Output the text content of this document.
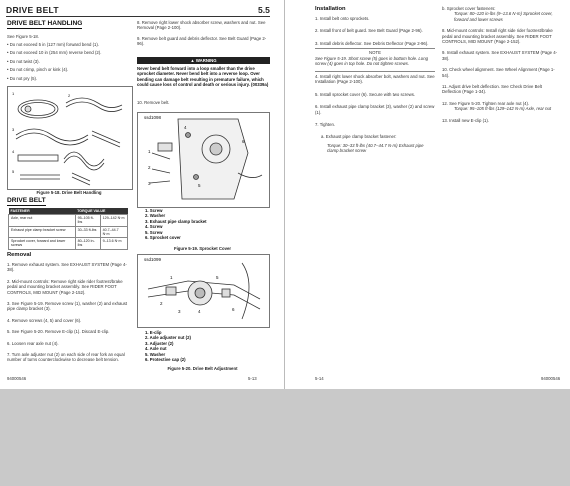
DRIVE BELT	5.5
DRIVE BELT HANDLING
See Figure 5-18.
• Do not exceed 5 in (127 mm) forward bend (1).
• Do not exceed 10 in (254 mm) reverse bend (2).
• Do not twist (3).
• Do not crimp, pinch or kink (4).
• Do not pry (5).
1	2
3
4
5
Figure 5-18. Drive Belt Handling
DRIVE BELT
FASTENER	TORQUE VALUE	
Axle, rear nut	95–105 ft-lbs	129–142 N·m
Exhaust pipe clamp bracket screw	30–33 ft-lbs	40.7–44.7 N·m
Sprocket cover, forward and lower screws	80–120 in-lbs	9–13.6 N·m
Removal
1. Remove exhaust system. See EXHAUST SYSTEM (Page 4-38).
2. Mid-mount controls: Remove right side rider footrest/brake pedal and mounting bracket assembly. See RIDER FOOT CONTROLS, MID MOUNT (Page 2-152).
3. See Figure 5-19. Remove screw (1), washer (2) and exhaust pipe clamp bracket (3).
4. Remove screws (4, 5) and cover (6).
5. See Figure 5-20. Remove E-clip (1). Discard E-clip.
6. Loosen rear axle nut (4).
7. Turn axle adjuster nut (2) on each side of rear fork an equal number of turns counterclockwise to decrease belt tension.
8. Remove right lower shock absorber screw, washers and nut. See Removal (Page 2-100).
9. Remove belt guard and debris deflector. See Belt Guard (Page 2-96).
▲ WARNING
Never bend belt forward into a loop smaller than the drive sprocket diameter. Never bend belt into a reverse loop. Over bending can damage belt resulting in premature failure, which could cause loss of control and death or serious injury. (00339a)
10. Remove belt.
ssd1098
1
2
3
4
5
6
1. Screw
2. Washer
3. Exhaust pipe clamp bracket
4. Screw
5. Screw
6. Sprocket cover
Figure 5-19. Sprocket Cover
ssd1099
1
2
3	4
5
6
1. E-clip
2. Axle adjuster nut (2)
3. Adjuster (2)
4. Axle nut
5. Washer
6. Protective cap (2)
Figure 5-20. Drive Belt Adjustment
94000546	5-13
Installation
1. Install belt onto sprockets.
2. Install front of belt guard. See Belt Guard (Page 2-96).
3. Install debris deflector. See Debris Deflector (Page 2-96).
NOTE
See Figure 5-19. Short screw (5) goes in bottom hole. Long screw (4) goes in top hole. Do not tighten screws.
4. Install right lower shock absorber bolt, washers and nut. See Installation (Page 2-100).
5. Install sprocket cover (6). Secure with two screws.
6. Install exhaust pipe clamp bracket (3), washer (2) and screw (1).
7. Tighten.
a. Exhaust pipe clamp bracket fastener:
Torque: 30–33 ft-lbs (40.7–44.7 N·m) Exhaust pipe clamp bracket screw
b. Sprocket cover fasteners:
Torque: 80–120 in-lbs (9–13.6 N·m) Sprocket cover, forward and lower screws
8. Mid-mount controls: Install right side rider footrest/brake pedal and mounting bracket assembly. See RIDER FOOT CONTROLS, MID MOUNT (Page 2-152).
9. Install exhaust system. See EXHAUST SYSTEM (Page 4-38).
10. Check wheel alignment. See Wheel Alignment (Page 1-54).
11. Adjust drive belt deflection. See Check Drive Belt Deflection (Page 1-34).
12. See Figure 5-20. Tighten rear axle nut (4).
Torque: 95–105 ft-lbs (129–142 N·m) Axle, rear nut
13. Install new E-clip (1).
5-14	94000546
